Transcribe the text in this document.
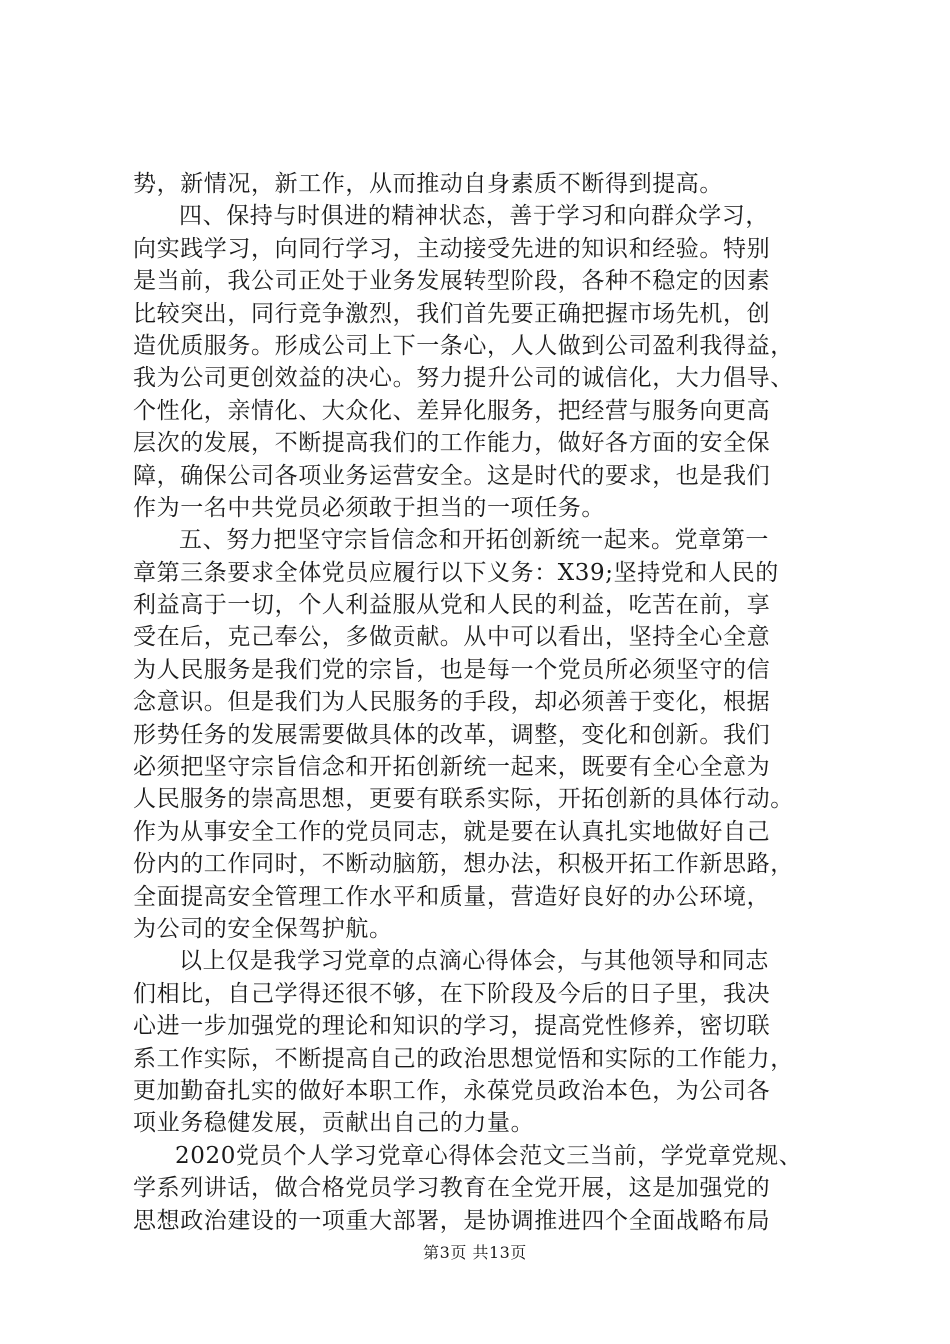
势，新情况，新工作，从而推动自身素质不断得到提高。
四、保持与时俱进的精神状态，善于学习和向群众学习，
向实践学习，向同行学习，主动接受先进的知识和经验。特别
是当前，我公司正处于业务发展转型阶段，各种不稳定的因素
比较突出，同行竞争激烈，我们首先要正确把握市场先机，创
造优质服务。形成公司上下一条心，人人做到公司盈利我得益，
我为公司更创效益的决心。努力提升公司的诚信化，大力倡导、
个性化，亲情化、大众化、差异化服务，把经营与服务向更高
层次的发展，不断提高我们的工作能力，做好各方面的安全保
障，确保公司各项业务运营安全。这是时代的要求，也是我们
作为一名中共党员必须敢于担当的一项任务。
五、努力把坚守宗旨信念和开拓创新统一起来。党章第一
章第三条要求全体党员应履行以下义务：X39;坚持党和人民的
利益高于一切，个人利益服从党和人民的利益，吃苦在前，享
受在后，克己奉公，多做贡献。从中可以看出，坚持全心全意
为人民服务是我们党的宗旨，也是每一个党员所必须坚守的信
念意识。但是我们为人民服务的手段，却必须善于变化，根据
形势任务的发展需要做具体的改革，调整，变化和创新。我们
必须把坚守宗旨信念和开拓创新统一起来，既要有全心全意为
人民服务的崇高思想，更要有联系实际，开拓创新的具体行动。
作为从事安全工作的党员同志，就是要在认真扎实地做好自己
份内的工作同时，不断动脑筋，想办法，积极开拓工作新思路，
全面提高安全管理工作水平和质量，营造好良好的办公环境，
为公司的安全保驾护航。
以上仅是我学习党章的点滴心得体会，与其他领导和同志
们相比，自己学得还很不够，在下阶段及今后的日子里，我决
心进一步加强党的理论和知识的学习，提高党性修养，密切联
系工作实际，不断提高自己的政治思想觉悟和实际的工作能力，
更加勤奋扎实的做好本职工作，永葆党员政治本色，为公司各
项业务稳健发展，贡献出自己的力量。
2020党员个人学习党章心得体会范文三当前，学党章党规、
学系列讲话，做合格党员学习教育在全党开展，这是加强党的
思想政治建设的一项重大部署，是协调推进四个全面战略布局
第3页 共13页
